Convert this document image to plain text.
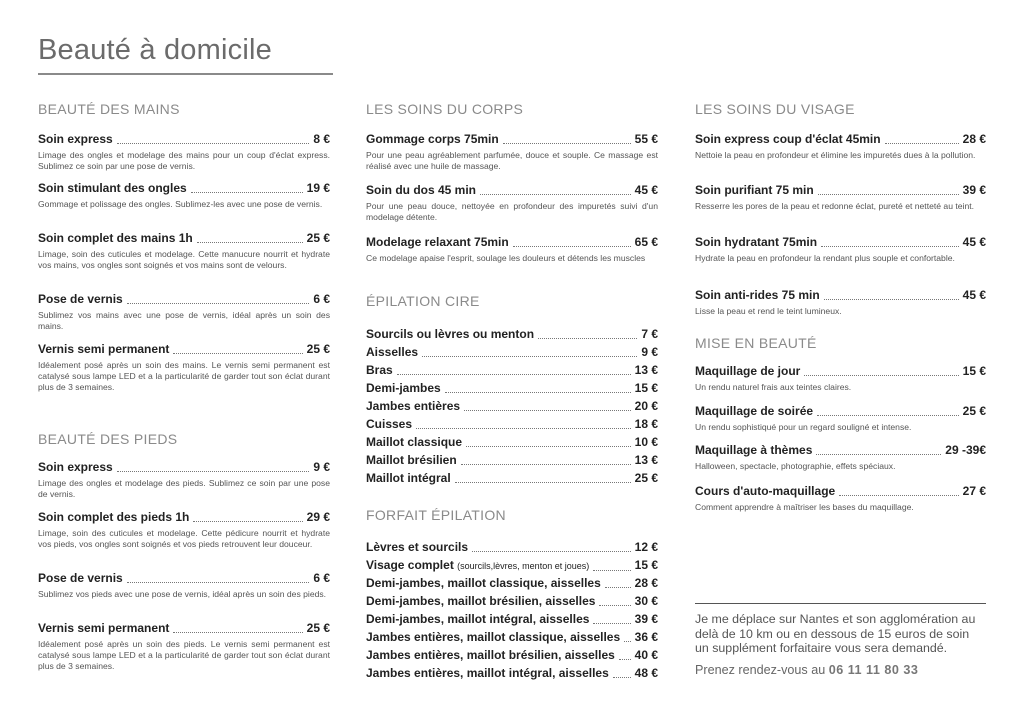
Beauté à domicile
BEAUTÉ DES MAINS
Soin express	8 €
Limage des ongles et modelage des mains pour un coup d'éclat express. Sublimez ce soin par une pose de vernis.
Soin stimulant des ongles	19 €
Gommage et polissage des ongles. Sublimez-les avec une pose de vernis.
Soin complet des mains 1h	25 €
Limage, soin des cuticules et modelage. Cette manucure nourrit et hydrate vos mains, vos ongles sont soignés et vos mains sont de velours.
Pose de vernis	6 €
Sublimez vos mains avec une pose de vernis, idéal après un soin des mains.
Vernis semi permanent	25 €
Idéalement posé après un soin des mains. Le vernis semi permanent est catalysé sous lampe LED et a la particularité de garder tout son éclat durant plus de 3 semaines.
BEAUTÉ DES PIEDS
Soin express	9 €
Limage des ongles et modelage des pieds. Sublimez ce soin par une pose de vernis.
Soin complet des pieds 1h	29 €
Limage, soin des cuticules et modelage. Cette pédicure nourrit et hydrate vos pieds, vos ongles sont soignés et vos pieds retrouvent leur douceur.
Pose de vernis	6 €
Sublimez vos pieds avec une pose de vernis, idéal après un soin des pieds.
Vernis semi permanent	25 €
Idéalement posé après un soin des pieds. Le vernis semi permanent est catalysé sous lampe LED et a la particularité de garder tout son éclat durant plus de 3 semaines.
LES SOINS DU CORPS
Gommage corps 75min	55 €
Pour une peau agréablement parfumée, douce et souple. Ce massage est réalisé avec une huile de massage.
Soin du dos 45 min	45 €
Pour une peau douce, nettoyée en profondeur des impuretés suivi d'un modelage détente.
Modelage relaxant 75min	65 €
Ce modelage apaise l'esprit, soulage les douleurs et détends les muscles
ÉPILATION CIRE
Sourcils ou lèvres ou menton	7 €
Aisselles	9 €
Bras	13 €
Demi-jambes	15 €
Jambes entières	20 €
Cuisses	18 €
Maillot classique	10 €
Maillot brésilien	13 €
Maillot intégral	25 €
FORFAIT ÉPILATION
Lèvres et sourcils	12 €
Visage complet (sourcils,lèvres, menton et joues)	15 €
Demi-jambes, maillot classique, aisselles	28 €
Demi-jambes, maillot brésilien, aisselles	30 €
Demi-jambes, maillot intégral, aisselles	39 €
Jambes entières, maillot classique, aisselles 36 €
Jambes entières, maillot brésilien, aisselles 40 €
Jambes entières, maillot intégral, aisselles 48 €
LES SOINS DU VISAGE
Soin express coup d'éclat 45min	28 €
Nettoie la peau en profondeur et élimine les impuretés dues à la pollution.
Soin purifiant 75 min	39 €
Resserre les pores de la peau et redonne éclat, pureté et netteté au teint.
Soin hydratant 75min	45 €
Hydrate la peau en profondeur la rendant plus souple et confortable.
Soin anti-rides 75 min	45 €
Lisse la peau et rend le teint lumineux.
MISE EN BEAUTÉ
Maquillage de jour	15 €
Un rendu naturel frais aux teintes claires.
Maquillage de soirée	25 €
Un rendu sophistiqué pour un regard souligné et intense.
Maquillage à thèmes	29 -39€
Halloween, spectacle, photographie, effets spéciaux.
Cours d'auto-maquillage	27 €
Comment apprendre à maîtriser les bases du maquillage.
Je me déplace sur Nantes et son agglomération au delà de 10 km ou en dessous de 15 euros de soin un supplément forfaitaire vous sera demandé.
Prenez rendez-vous au 06 11 11 80 33
